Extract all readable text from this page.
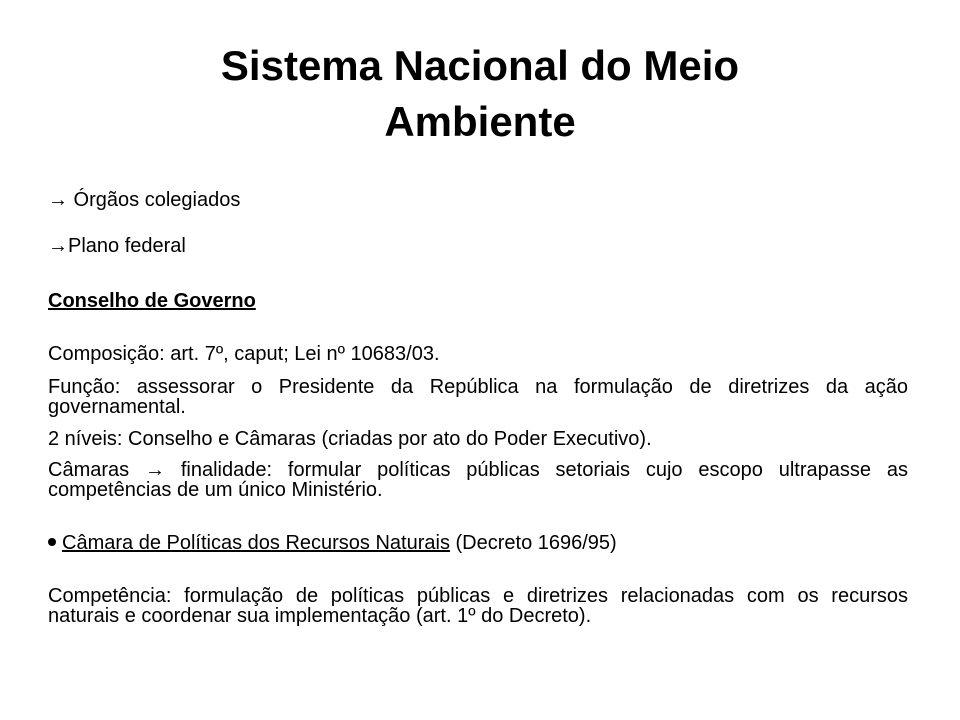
Sistema Nacional do Meio
Ambiente
→ Órgãos colegiados
→Plano federal
Conselho de Governo
Composição: art. 7º, caput; Lei nº 10683/03.
Função: assessorar o Presidente da República na formulação de diretrizes da ação governamental.
2 níveis: Conselho e Câmaras (criadas por ato do Poder Executivo).
Câmaras → finalidade: formular políticas públicas setoriais cujo escopo ultrapasse as competências de um único Ministério.
Câmara de Políticas dos Recursos Naturais (Decreto 1696/95)
Competência: formulação de políticas públicas e diretrizes relacionadas com os recursos naturais e coordenar sua implementação (art. 1º do Decreto).
